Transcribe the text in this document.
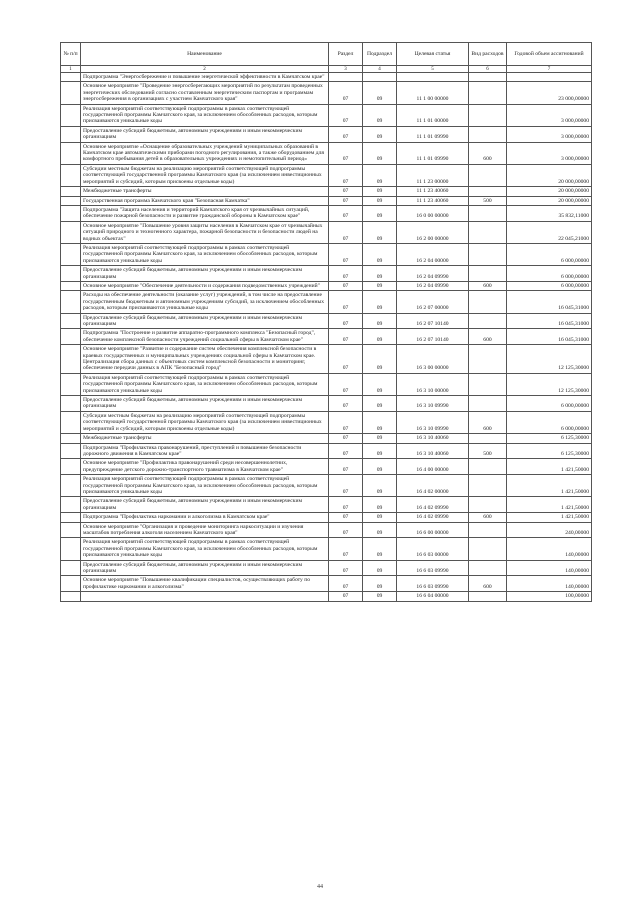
№ п/п	Наименование	Раздел	Подраздел	Целевая статья	Вид расходов	Годовой объем ассигнований
1	2	3	4	5	6	7
	Подпрограмма "Энергосбережение и повышение энергетической эффективности в Камчатском крае"					
	Основное мероприятие "Проведение энергосберегающих мероприятий по результатам проведенных энергетических обследований согласно составленным энергетическим паспортам и программам энергосбережения в организациях с участием Камчатского края"	07	09	11 1 00 00000		23 000,00000
	Реализация мероприятий соответствующей подпрограммы в рамках соответствующей государственной программы Камчатского края, за исключением обособленных расходов, которым присваиваются уникальные коды	07	09	11 1 01 00000		3 000,00000
	Предоставление субсидий бюджетным, автономным учреждениям и иным некоммерческим организациям	07	09	11 1 01 09990		3 000,00000
	Основное мероприятие «Оснащение образовательных учреждений муниципальных образований в Камчатском крае автоматическими приборами погодного регулирования, а также оборудованием для комфортного пребывания детей в образовательных учреждениях и немотопительный период»	07	09	11 1 01 09990	600	3 000,00000
	Субсидии местным бюджетам на реализацию мероприятий соответствующей подпрограммы соответствующей государственной программы Камчатского края (за исключением инвестиционных мероприятий и субсидий, которым присвоены отдельные коды)	07	09	11 1 23 00000		20 000,00000
	Межбюджетные трансферты	07	09	11 1 23 40060		20 000,00000
	Государственная программа Камчатского края "Безопасная Камчатка"	07	09	11 1 23 40060	500	20 000,00000
	Подпрограмма "Защита населения и территорий Камчатского края от чрезвычайных ситуаций, обеспечение пожарной безопасности и развитие гражданской обороны в Камчатском крае"	07	09	16 0 00 00000		35 832,11000
	Основное мероприятие "Повышение уровня защиты населения в Камчатском крае от чрезвычайных ситуаций природного и техногенного характера, пожарной безопасности и безопасности людей на водных объектах"	07	09	16 2 00 00000		22 045,21000
	Реализация мероприятий соответствующей подпрограммы в рамках соответствующей государственной программы Камчатского края, за исключением обособленных расходов, которым присваиваются уникальные коды	07	09	16 2 04 00000		6 000,00000
	Предоставление субсидий бюджетным, автономным учреждениям и иным некоммерческим организациям	07	09	16 2 04 09990		6 000,00000
	Основное мероприятие "Обеспечение деятельности и содержания подведомственных учреждений"	07	09	16 2 04 09990	600	6 000,00000
	Расходы на обеспечение деятельности (оказание услуг) учреждений, в том числе на предоставление государственным бюджетным и автономным учреждениям субсидий, за исключением обособленных расходов, которым присваиваются уникальные коды	07	09	16 2 07 00000		16 045,31000
	Предоставление субсидий бюджетным, автономным учреждениям и иным некоммерческим организациям	07	09	16 2 07 10140		16 045,31000
	Подпрограмма "Построение и развитие аппаратно-программного комплекса "Безопасный город", обеспечение комплексной безопасности учреждений социальной сферы в Камчатском крае"	07	09	16 2 07 10140	600	16 045,31000
	Основное мероприятие "Развитие и содержание систем обеспечения комплексной безопасности в краевых государственных и муниципальных учреждениях социальной сферы в Камчатском крае. Централизация сбора данных с объектовых систем комплексной безопасности и мониторинг, обеспечение передачи данных в АПК "Безопасный город"	07	09	16 3 00 00000		12 125,30000
	Реализация мероприятий соответствующей подпрограммы в рамках соответствующей государственной программы Камчатского края, за исключением обособленных расходов, которым присваиваются уникальные коды	07	09	16 3 10 00000		12 125,30000
	Предоставление субсидий бюджетным, автономным учреждениям и иным некоммерческим организациям	07	09	16 3 10 09990		6 000,00000
	Субсидии местным бюджетам на реализацию мероприятий соответствующей подпрограммы соответствующей государственной программы Камчатского края (за исключением инвестиционных мероприятий и субсидий, которым присвоены отдельные коды)	07	09	16 3 10 09990	600	6 000,00000
	Межбюджетные трансферты	07	09	16 3 10 40060		6 125,30000
	Подпрограмма "Профилактика правонарушений, преступлений и повышение безопасности дорожного движения в Камчатском крае"	07	09	16 3 10 40060	500	6 125,30000
	Основное мероприятие "Профилактика правонарушений среди несовершеннолетних, предупреждение детского дорожно-транспортного травматизма в Камчатском крае"	07	09	16 4 00 00000		1 421,50000
	Реализация мероприятий соответствующей подпрограммы в рамках соответствующей государственной программы Камчатского края, за исключением обособленных расходов, которым присваиваются уникальные коды	07	09	16 4 02 00000		1 421,50000
	Предоставление субсидий бюджетным, автономным учреждениям и иным некоммерческим организациям	07	09	16 4 02 09990		1 421,50000
	Подпрограмма "Профилактика наркомании и алкоголизма в Камчатском крае"	07	09	16 4 02 09990	600	1 421,50000
	Основное мероприятие "Организация и проведение мониторинга наркоситуации и изучения масштабов потребления алкоголя населением Камчатского края"	07	09	16 6 00 00000		240,00000
	Реализация мероприятий соответствующей подпрограммы в рамках соответствующей государственной программы Камчатского края, за исключением обособленных расходов, которым присваиваются уникальные коды	07	09	16 6 03 00000		140,00000
	Предоставление субсидий бюджетным, автономным учреждениям и иным некоммерческим организациям	07	09	16 6 03 09990		140,00000
	Основное мероприятие "Повышение квалификации специалистов, осуществляющих работу по профилактике наркомании и алкоголизма"	07	09	16 6 03 09990	600	140,00000
		07	09	16 6 04 00000		100,00000
44
